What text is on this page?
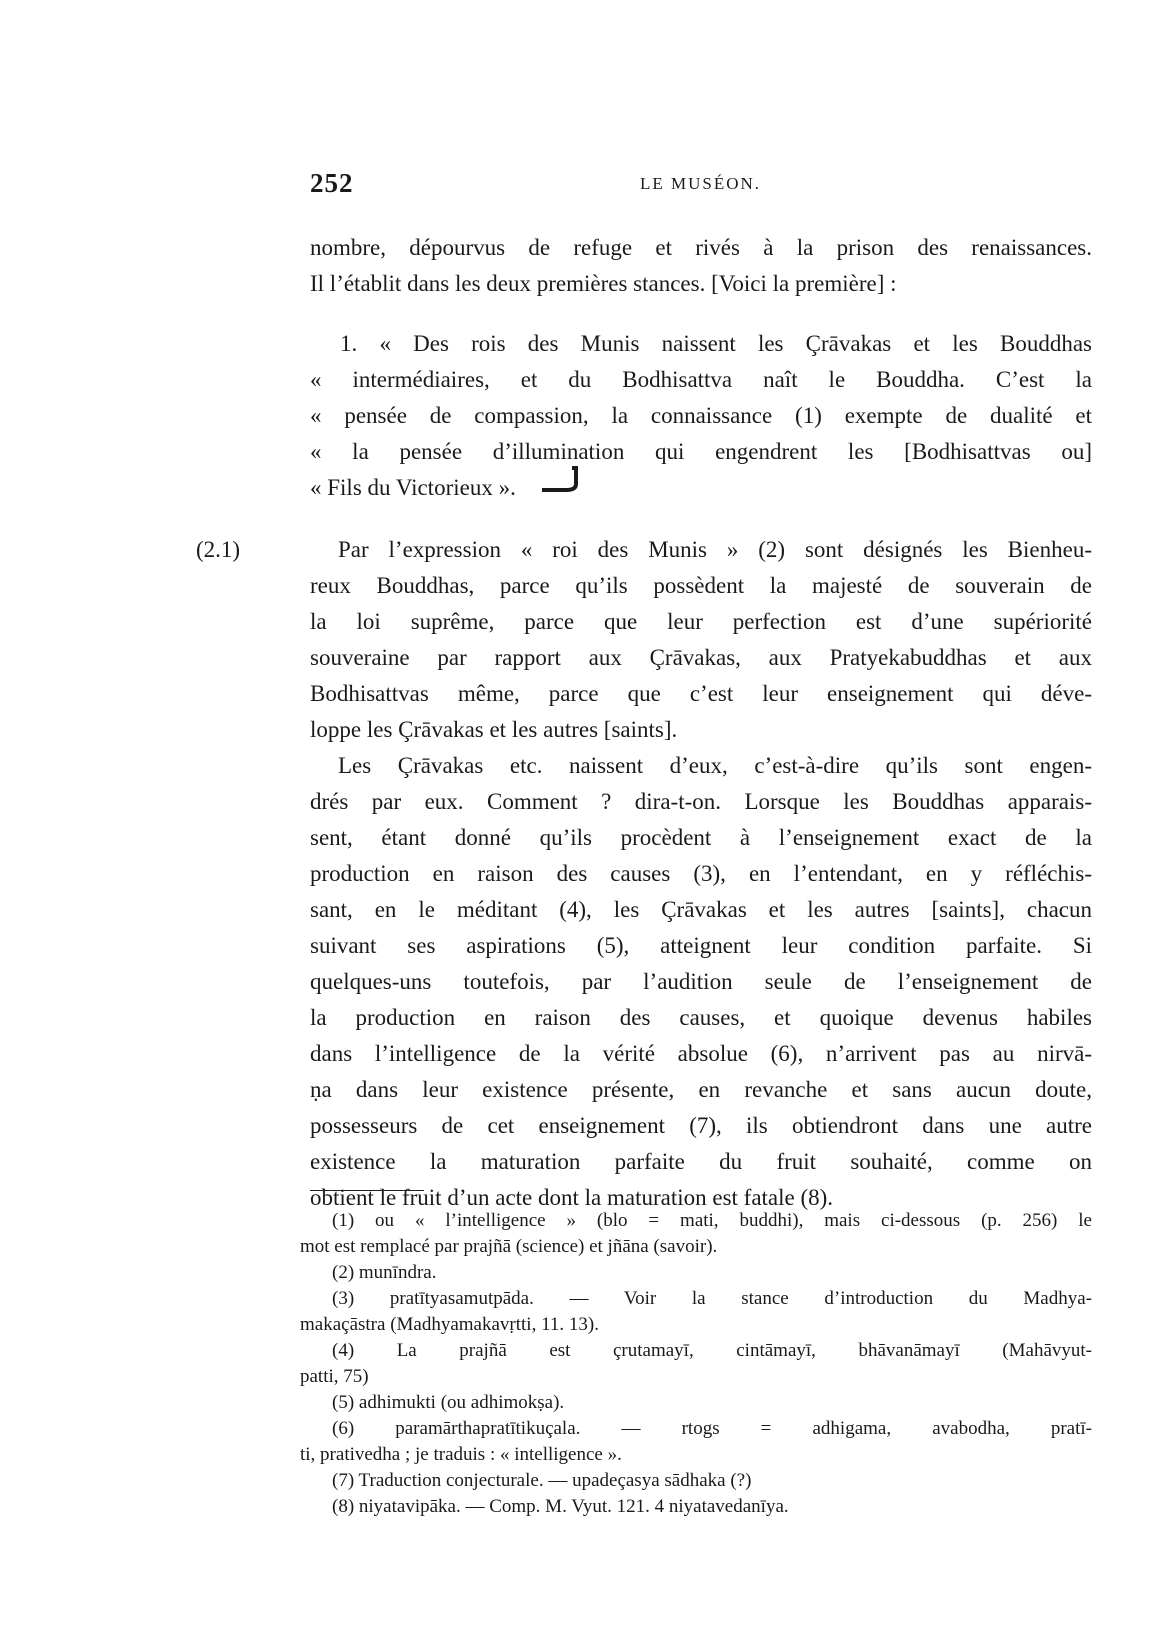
252	LE MUSÉON.
nombre, dépourvus de refuge et rivés à la prison des renaissances.
Il l’établit dans les deux premières stances. [Voici la première] :
1. « Des rois des Munis naissent les Çrāvakas et les Bouddhas
« intermédiaires, et du Bodhisattva naît le Bouddha. C’est la
« pensée de compassion, la connaissance (1) exempte de dualité et
« la pensée d’illumination qui engendrent les [Bodhisattvas ou]
« Fils du Victorieux ».
(2.1)	Par l’expression « roi des Munis » (2) sont désignés les Bienheu-
reux Bouddhas, parce qu’ils possèdent la majesté de souverain de
la loi suprême, parce que leur perfection est d’une supériorité
souveraine par rapport aux Çrāvakas, aux Pratyekabuddhas et aux
Bodhisattvas même, parce que c’est leur enseignement qui déve-
loppe les Çrāvakas et les autres [saints].
Les Çrāvakas etc. naissent d’eux, c’est-à-dire qu’ils sont engen-
drés par eux. Comment ? dira-t-on. Lorsque les Bouddhas apparais-
sent, étant donné qu’ils procèdent à l’enseignement exact de la
production en raison des causes (3), en l’entendant, en y réfléchis-
sant, en le méditant (4), les Çrāvakas et les autres [saints], chacun
suivant ses aspirations (5), atteignent leur condition parfaite. Si
quelques-uns toutefois, par l’audition seule de l’enseignement de
la production en raison des causes, et quoique devenus habiles
dans l’intelligence de la vérité absolue (6), n’arrivent pas au nirvā-
ṇa dans leur existence présente, en revanche et sans aucun doute,
possesseurs de cet enseignement (7), ils obtiendront dans une autre
existence la maturation parfaite du fruit souhaité, comme on
obtient le fruit d’un acte dont la maturation est fatale (8).
(1) ou « l’intelligence » (blo = mati, buddhi), mais ci-dessous (p. 256) le
mot est remplacé par prajñā (science) et jñāna (savoir).
(2) munīndra.
(3) pratītyasamutpāda. — Voir la stance d’introduction du Madhya-
makaçāstra (Madhyamakavṛtti, 11. 13).
(4) La prajñā est çrutamayī, cintāmayī, bhāvanāmayī (Mahāvyut-
patti, 75)
(5) adhimukti (ou adhimokṣa).
(6) paramārthapratītikuçala. — rtogs = adhigama, avabodha, pratī-
ti, prativedha ; je traduis : « intelligence ».
(7) Traduction conjecturale. — upadeçasya sādhaka (?)
(8) niyatavipāka. — Comp. M. Vyut. 121. 4 niyatavedanīya.
